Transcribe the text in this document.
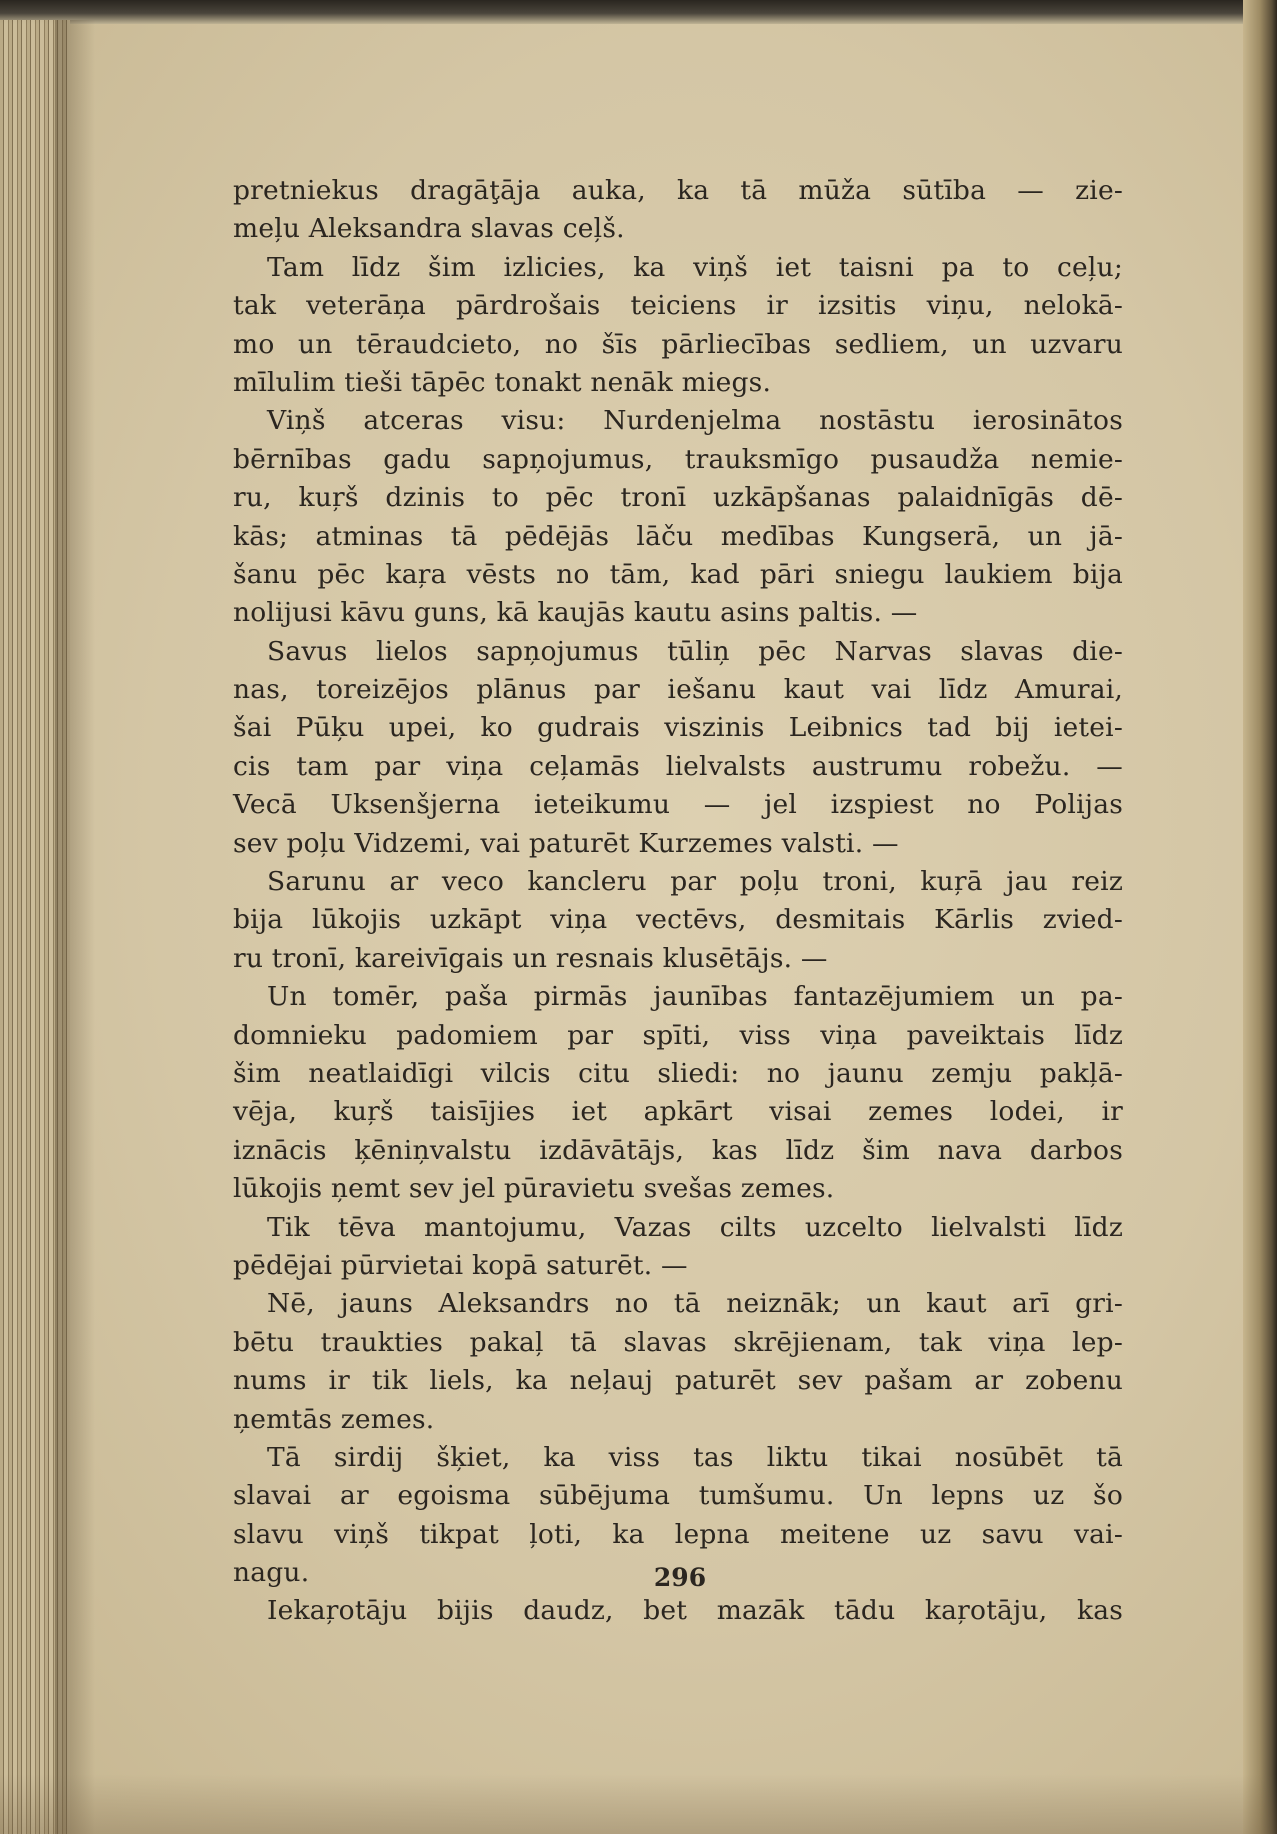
pretniekus dragāţāja auka, ka tā mūža sūtība — zie-
meļu Aleksandra slavas ceļš.
Tam līdz šim izlicies, ka viņš iet taisni pa to ceļu;
tak veterāņa pārdrošais teiciens ir izsitis viņu, nelokā-
mo un tēraudcieto, no šīs pārliecības sedliem, un uzvaru
mīlulim tieši tāpēc tonakt nenāk miegs.
Viņš atceras visu: Nurdenjelma nostāstu ierosinātos
bērnības gadu sapņojumus, trauksmīgo pusaudža nemie-
ru, kuŗš dzinis to pēc tronī uzkāpšanas palaidnīgās dē-
kās; atminas tā pēdējās lāču medības Kungserā, un jā-
šanu pēc kaŗa vēsts no tām, kad pāri sniegu laukiem bija
nolijusi kāvu guns, kā kaujās kautu asins paltis. —
Savus lielos sapņojumus tūliņ pēc Narvas slavas die-
nas, toreizējos plānus par iešanu kaut vai līdz Amurai,
šai Pūķu upei, ko gudrais viszinis Leibnics tad bij ietei-
cis tam par viņa ceļamās lielvalsts austrumu robežu. —
Vecā Uksenšjerna ieteikumu — jel izspiest no Polijas
sev poļu Vidzemi, vai paturēt Kurzemes valsti. —
Sarunu ar veco kancleru par poļu troni, kuŗā jau reiz
bija lūkojis uzkāpt viņa vectēvs, desmitais Kārlis zvied-
ru tronī, kareivīgais un resnais klusētājs. —
Un tomēr, paša pirmās jaunības fantazējumiem un pa-
domnieku padomiem par spīti, viss viņa paveiktais līdz
šim neatlaidīgi vilcis citu sliedi: no jaunu zemju pakļā-
vēja, kuŗš taisījies iet apkārt visai zemes lodei, ir
iznācis ķēniņvalstu izdāvātājs, kas līdz šim nava darbos
lūkojis ņemt sev jel pūravietu svešas zemes.
Tik tēva mantojumu, Vazas cilts uzcelto lielvalsti līdz
pēdējai pūrvietai kopā saturēt. —
Nē, jauns Aleksandrs no tā neiznāk; un kaut arī gri-
bētu traukties pakaļ tā slavas skrējienam, tak viņa lep-
nums ir tik liels, ka neļauj paturēt sev pašam ar zobenu
ņemtās zemes.
Tā sirdij šķiet, ka viss tas liktu tikai nosūbēt tā
slavai ar egoisma sūbējuma tumšumu. Un lepns uz šo
slavu viņš tikpat ļoti, ka lepna meitene uz savu vai-
nagu.
Iekaŗotāju bijis daudz, bet mazāk tādu kaŗotāju, kas
296
